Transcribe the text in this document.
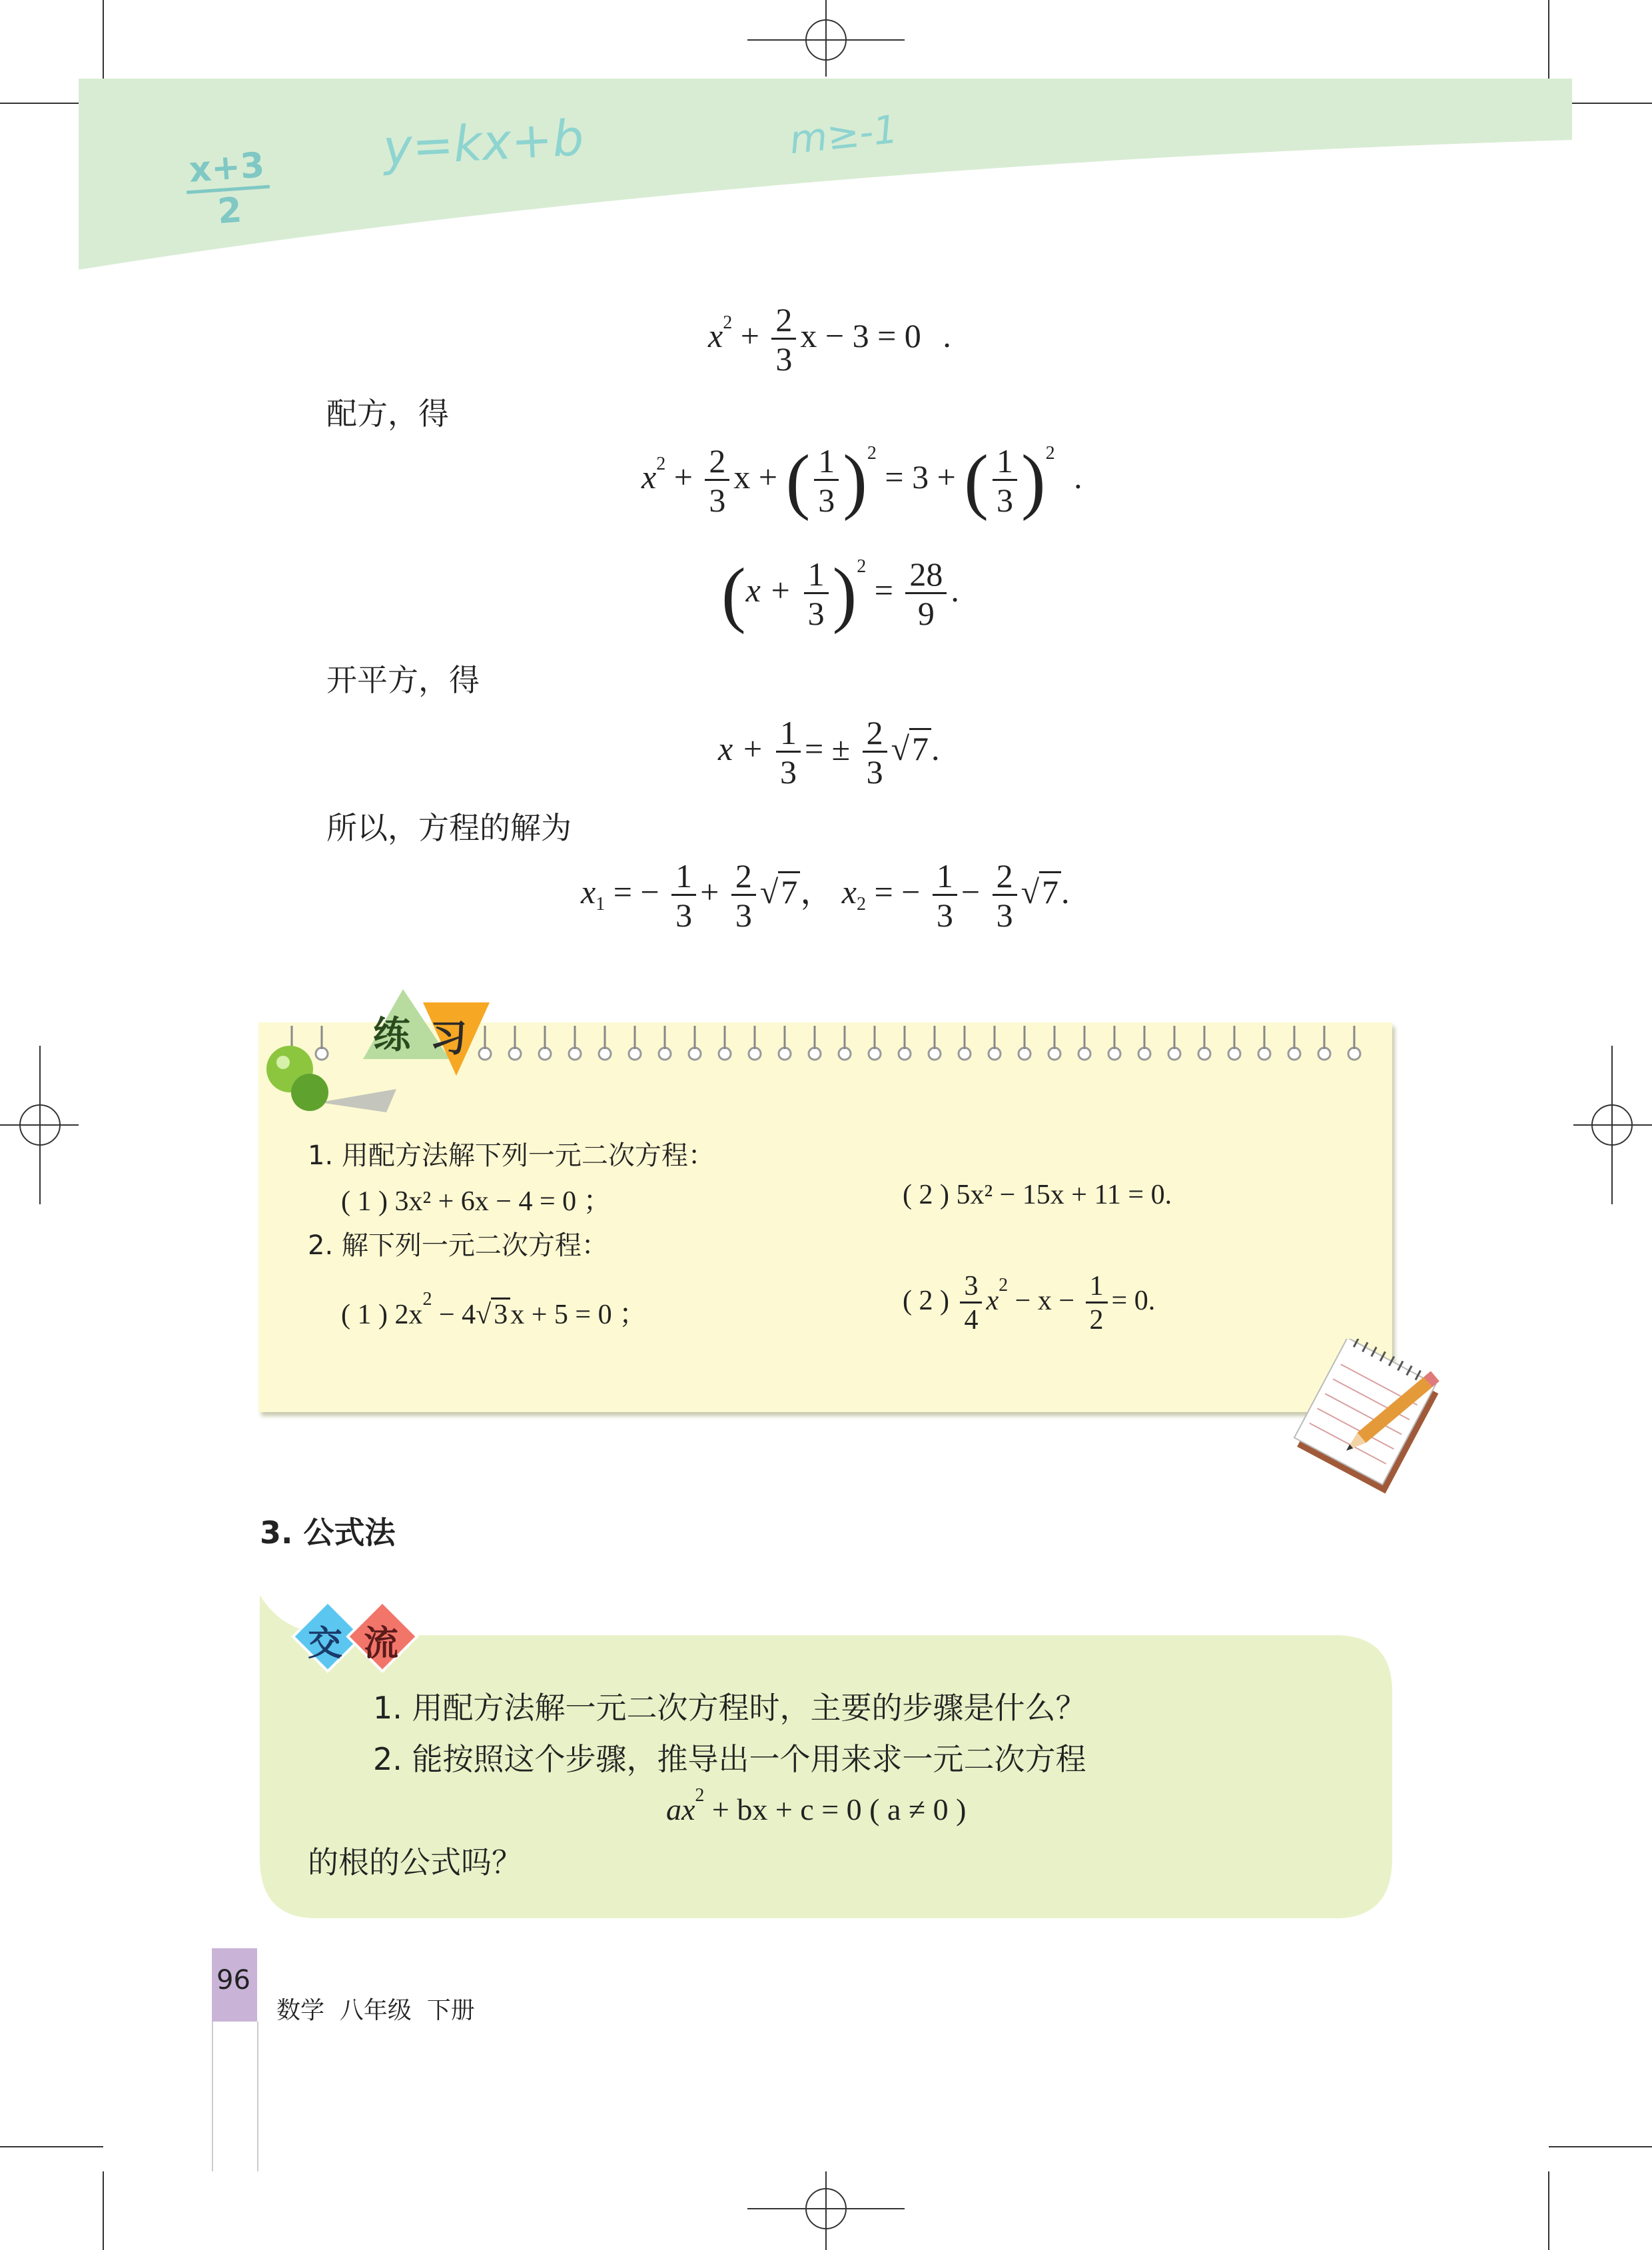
$\frac{x+3}{2}$
y=kx+b	m≥-1
$x^2 + \frac{2}{3}$ x − 3 = 0 .
配方，得
$x^2 + \frac{2}{3}$ x + ( $\frac{1}{3} )^2 = 3$ + ( $\frac{1}{3} )^2$ .
$(x + \frac{1}{3} )^2 = \frac{28}{9}$ .
开平方，得
$x + \frac{1}{3}$ = ± $\frac{2}{3} √7$.
所以，方程的解为
$x_1$ = − $\frac{1}{3} + \frac{2}{3} √7$， $x_2$ = − $\frac{1}{3} - \frac{2}{3} √7$.
练 习
1. 用配方法解下列一元二次方程：
( 1 ) 3x² + 6x − 4 = 0 ；	( 2 ) 5x² − 15x + 11 = 0.
2. 解下列一元二次方程：
( 1 ) $2x^2 - 4√3x + 5 = 0$ ；	( 2 ) $\frac{3}{4} x^2 - x - \frac{1}{2} = 0$.
3. 公式法
交 流
1. 用配方法解一元二次方程时，主要的步骤是什么？
2. 能按照这个步骤，推导出一个用来求一元二次方程
$ax^2$ + bx + c = 0 ( a ≠ 0 )
的根的公式吗？
96
数学  八年级  下册
